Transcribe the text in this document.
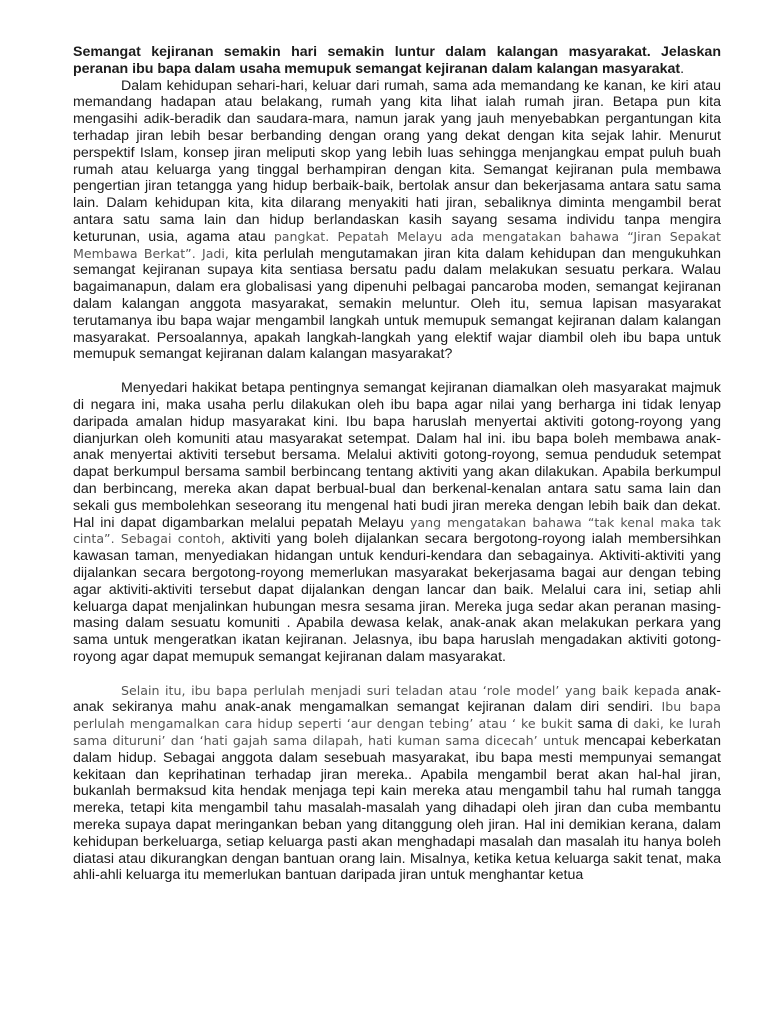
Semangat kejiranan semakin hari semakin luntur dalam kalangan masyarakat. Jelaskan peranan ibu bapa dalam usaha memupuk semangat kejiranan dalam kalangan masyarakat.

Dalam kehidupan sehari-hari, keluar dari rumah, sama ada memandang ke kanan, ke kiri atau memandang hadapan atau belakang, rumah yang kita lihat ialah rumah jiran. Betapa pun kita mengasihi adik-beradik dan saudara-mara, namun jarak yang jauh menyebabkan pergantungan kita terhadap jiran lebih besar berbanding dengan orang yang dekat dengan kita sejak lahir. Menurut perspektif Islam, konsep jiran meliputi skop yang lebih luas sehingga menjangkau empat puluh buah rumah atau keluarga yang tinggal berhampiran dengan kita. Semangat kejiranan pula membawa pengertian jiran tetangga yang hidup berbaik-baik, bertolak ansur dan bekerjasama antara satu sama lain. Dalam kehidupan kita, kita dilarang menyakiti hati jiran, sebaliknya diminta mengambil berat antara satu sama lain dan hidup berlandaskan kasih sayang sesama individu tanpa mengira keturunan, usia, agama atau pangkat. Pepatah Melayu ada mengatakan bahawa “Jiran Sepakat Membawa Berkat”. Jadi, kita perlulah mengutamakan jiran kita dalam kehidupan dan mengukuhkan semangat kejiranan supaya kita sentiasa bersatu padu dalam melakukan sesuatu perkara. Walau bagaimanapun, dalam era globalisasi yang dipenuhi pelbagai pancaroba moden, semangat kejiranan dalam kalangan anggota masyarakat, semakin meluntur. Oleh itu, semua lapisan masyarakat terutamanya ibu bapa wajar mengambil langkah untuk memupuk semangat kejiranan dalam kalangan masyarakat. Persoalannya, apakah langkah-langkah yang elektif wajar diambil oleh ibu bapa untuk memupuk semangat kejiranan dalam kalangan masyarakat?

Menyedari hakikat betapa pentingnya semangat kejiranan diamalkan oleh masyarakat majmuk di negara ini, maka usaha perlu dilakukan oleh ibu bapa agar nilai yang berharga ini tidak lenyap daripada amalan hidup masyarakat kini. Ibu bapa haruslah menyertai aktiviti gotong-royong yang dianjurkan oleh komuniti atau masyarakat setempat. Dalam hal ini. ibu bapa boleh membawa anak-anak menyertai aktiviti tersebut bersama. Melalui aktiviti gotong-royong, semua penduduk setempat dapat berkumpul bersama sambil berbincang tentang aktiviti yang akan dilakukan. Apabila berkumpul dan berbincang, mereka akan dapat berbual-bual dan berkenal-kenalan antara satu sama lain dan sekali gus membolehkan seseorang itu mengenal hati budi jiran mereka dengan lebih baik dan dekat. Hal ini dapat digambarkan melalui pepatah Melayu yang mengatakan bahawa “tak kenal maka tak cinta”. Sebagai contoh, aktiviti yang boleh dijalankan secara bergotong-royong ialah membersihkan kawasan taman, menyediakan hidangan untuk kenduri-kendara dan sebagainya. Aktiviti-aktiviti yang dijalankan secara bergotong-royong memerlukan masyarakat bekerjasama bagai aur dengan tebing agar aktiviti-aktiviti tersebut dapat dijalankan dengan lancar dan baik. Melalui cara ini, setiap ahli keluarga dapat menjalinkan hubungan mesra sesama jiran. Mereka juga sedar akan peranan masing-masing dalam sesuatu komuniti . Apabila dewasa kelak, anak-anak akan melakukan perkara yang sama untuk mengeratkan ikatan kejiranan. Jelasnya, ibu bapa haruslah mengadakan aktiviti gotong-royong agar dapat memupuk semangat kejiranan dalam masyarakat.

Selain itu, ibu bapa perlulah menjadi suri teladan atau ‘role model’ yang baik kepada anak-anak sekiranya mahu anak-anak mengamalkan semangat kejiranan dalam diri sendiri. Ibu bapa perlulah mengamalkan cara hidup seperti ‘aur dengan tebing’ atau ‘ ke bukit sama di daki, ke lurah sama dituruni’ dan ‘hati gajah sama dilapah, hati kuman sama dicecah’ untuk mencapai keberkatan dalam hidup. Sebagai anggota dalam sesebuah masyarakat, ibu bapa mesti mempunyai semangat kekitaan dan keprihatinan terhadap jiran mereka.. Apabila mengambil berat akan hal-hal jiran, bukanlah bermaksud kita hendak menjaga tepi kain mereka atau mengambil tahu hal rumah tangga mereka, tetapi kita mengambil tahu masalah-masalah yang dihadapi oleh jiran dan cuba membantu mereka supaya dapat meringankan beban yang ditanggung oleh jiran. Hal ini demikian kerana, dalam kehidupan berkeluarga, setiap keluarga pasti akan menghadapi masalah dan masalah itu hanya boleh diatasi atau dikurangkan dengan bantuan orang lain. Misalnya, ketika ketua keluarga sakit tenat, maka ahli-ahli keluarga itu memerlukan bantuan daripada jiran untuk menghantar ketua
